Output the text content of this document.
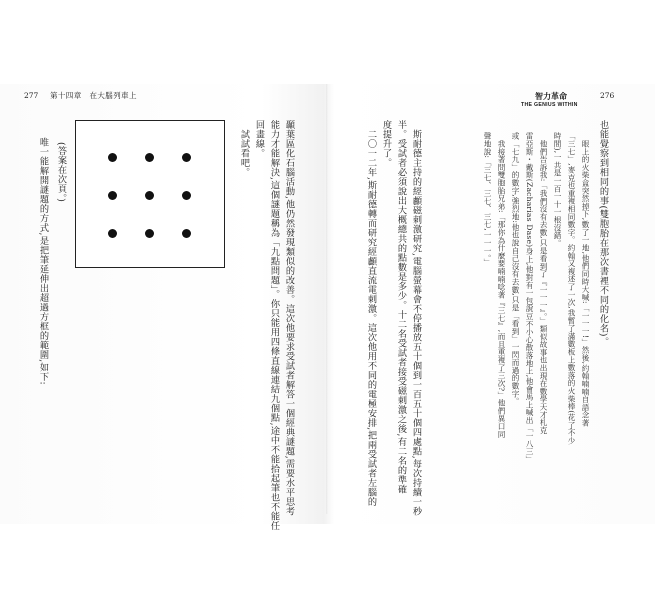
277 第十四章　在大腦列車上	智力革命
THE GENIUS WITHIN
276
也能覺察到相同的事(雙胞胎在那次書裡不同的化名)。
　眼上的火柴盒突然掉下,數了一地,他們同時大喊:「一一一!」然後,約翰喃喃自語念著
「三七」,麥克也重複相同數字。約翰又複述了一次,我暫了滿數板上數落的火柴棒(花了不少
時間),一共是一百一十一根沒錯。
　他們告訴我:「我們沒有去數,只是看到了『一一一』。」類似故事也出現在數學天才札克
雷亞斯・戴斯(Zacharias Dase)身上,他對有一包說豆不小心散落地上,他會馬上喊出「一八三」
或「七九」的數字,強烈地:他也說自己沒有去數,只是「看到」一閃而過的數字。
　我接著問雙胞胎兄弟:「那你為什麼要喃喃唸著『三七』,而且重複了三次?」他們異口同
聲地說:「三七、三七、三七,一一一。」
　斯耐德主持的經顱磁刺激研究,電腦螢幕會不停播放五十個到一百五十個四處點,每次持續一秒
半。受試者必須說出大概總共的點數是多少。十二名受試者接受磁刺激之後,有二名的準確
度提升了。
　二〇一二年,斯耐德轉而研究經顱直流電刺激。這次他用不同的電極安排,把兩受試者左腦的
顳葉區化石腦活動,他仍然發現類似的改善。這次他要求受試者解答一個經典謎題,需要水平思考
能力才能解決,這個謎題稱為「九點問題」。你只能用四條直線連結九個點,途中不能拾起筆也不能任
回畫線。
　試試看吧。
(答案在次頁。)
　唯一能解開謎題的方式,是把筆延伸出超過方框的範圍,如下:
